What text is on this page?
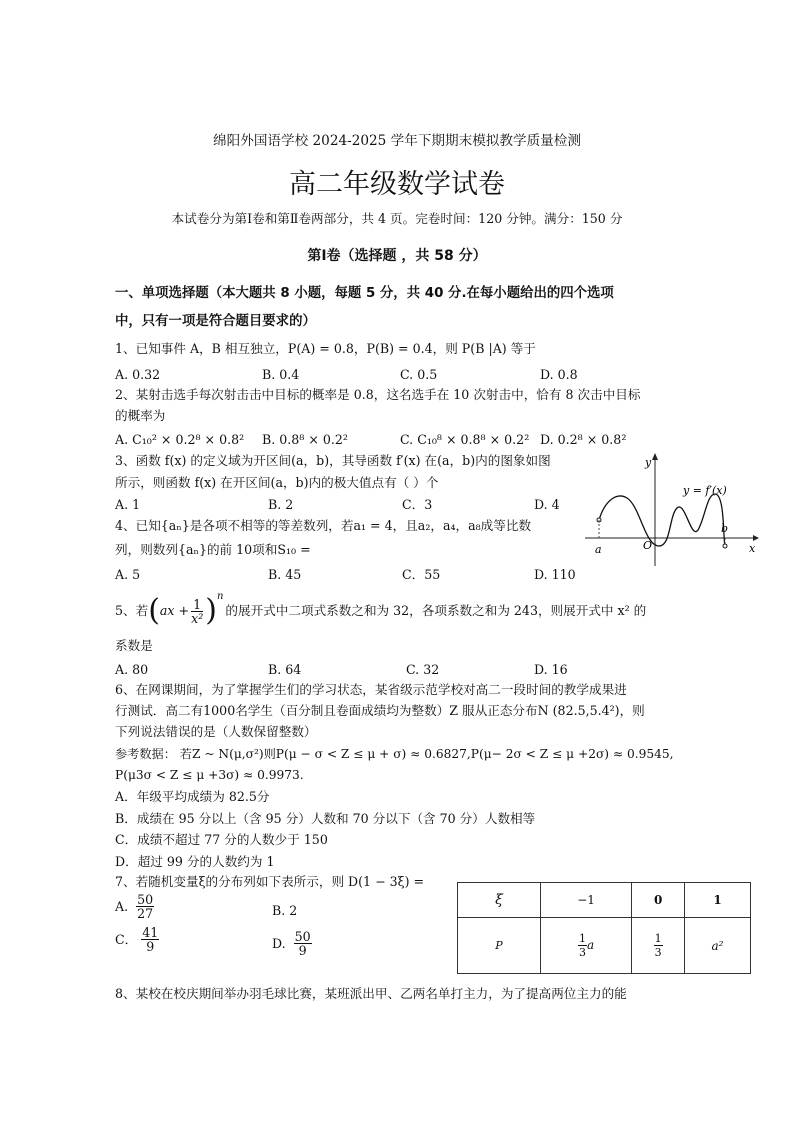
绵阳外国语学校 2024-2025 学年下期期末模拟教学质量检测
高二年级数学试卷
本试卷分为第Ⅰ卷和第Ⅱ卷两部分，共 4 页。完卷时间：120 分钟。满分：150 分
第Ⅰ卷（选择题 ，共 58 分）
一、单项选择题（本大题共 8 小题，每题 5 分，共 40 分.在每小题给出的四个选项
中，只有一项是符合题目要求的）
1、已知事件 A，B 相互独立，P(A) = 0.8，P(B) = 0.4，则 P(B |A) 等于
A. 0.32	B. 0.4	C. 0.5	D. 0.8
2、某射击选手每次射击击中目标的概率是 0.8，这名选手在 10 次射击中，恰有 8 次击中目标
的概率为
A. C₁₀² × 0.2⁸ × 0.8² B. 0.8⁸ × 0.2²	C. C₁₀⁸ × 0.8⁸ × 0.2² D. 0.2⁸ × 0.8²
3、函数 f(x) 的定义域为开区间(a，b)，其导函数 f′(x) 在(a，b)内的图象如图
所示，则函数 f(x) 在开区间(a，b)内的极大值点有（ ）个
A. 1	B. 2	C．3	D. 4
a
b
O	x
y
y = f′(x)
4、已知{aₙ}是各项不相等的等差数列，若a₁ = 4，且a₂，a₄，a₈成等比数
列，则数列{aₙ}的前 10项和S₁₀ =
A. 5	B. 45	C．55	D. 110
5、若 ( ax + $\frac{1}{\text{x²}}$ ) n
的展开式中二项式系数之和为 32，各项系数之和为 243，则展开式中 x² 的
系数是
A. 80	B. 64	C. 32	D. 16
6、在网课期间，为了掌握学生们的学习状态，某省级示范学校对高二一段时间的教学成果进
行测试．高二有1000名学生（百分制且卷面成绩均为整数）Z 服从正态分布N (82.5,5.4²)，则
下列说法错误的是（人数保留整数）
参考数据： 若Z ~ N(μ,σ²)则P(μ − σ < Z ≤ μ + σ) ≈ 0.6827,P(μ− 2σ < Z ≤ μ +2σ) ≈ 0.9545,
P(μ3σ < Z ≤ μ +3σ) ≈ 0.9973.
A．年级平均成绩为 82.5分
B．成绩在 95 分以上（含 95 分）人数和 70 分以下（含 70 分）人数相等
C．成绩不超过 77 分的人数少于 150
D．超过 99 分的人数约为 1
7、若随机变量ξ的分布列如下表所示，则 D(1 − 3ξ) =
A. $\frac{50}{27}$	B. 2
C． $\frac{41}{9}$	D. $\frac{50}{9}$
ξ	−1	0	1
P	$\frac{1}{3}$ a	$\frac{1}{3}$	a²
8、某校在校庆期间举办羽毛球比赛，某班派出甲、乙两名单打主力，为了提高两位主力的能
